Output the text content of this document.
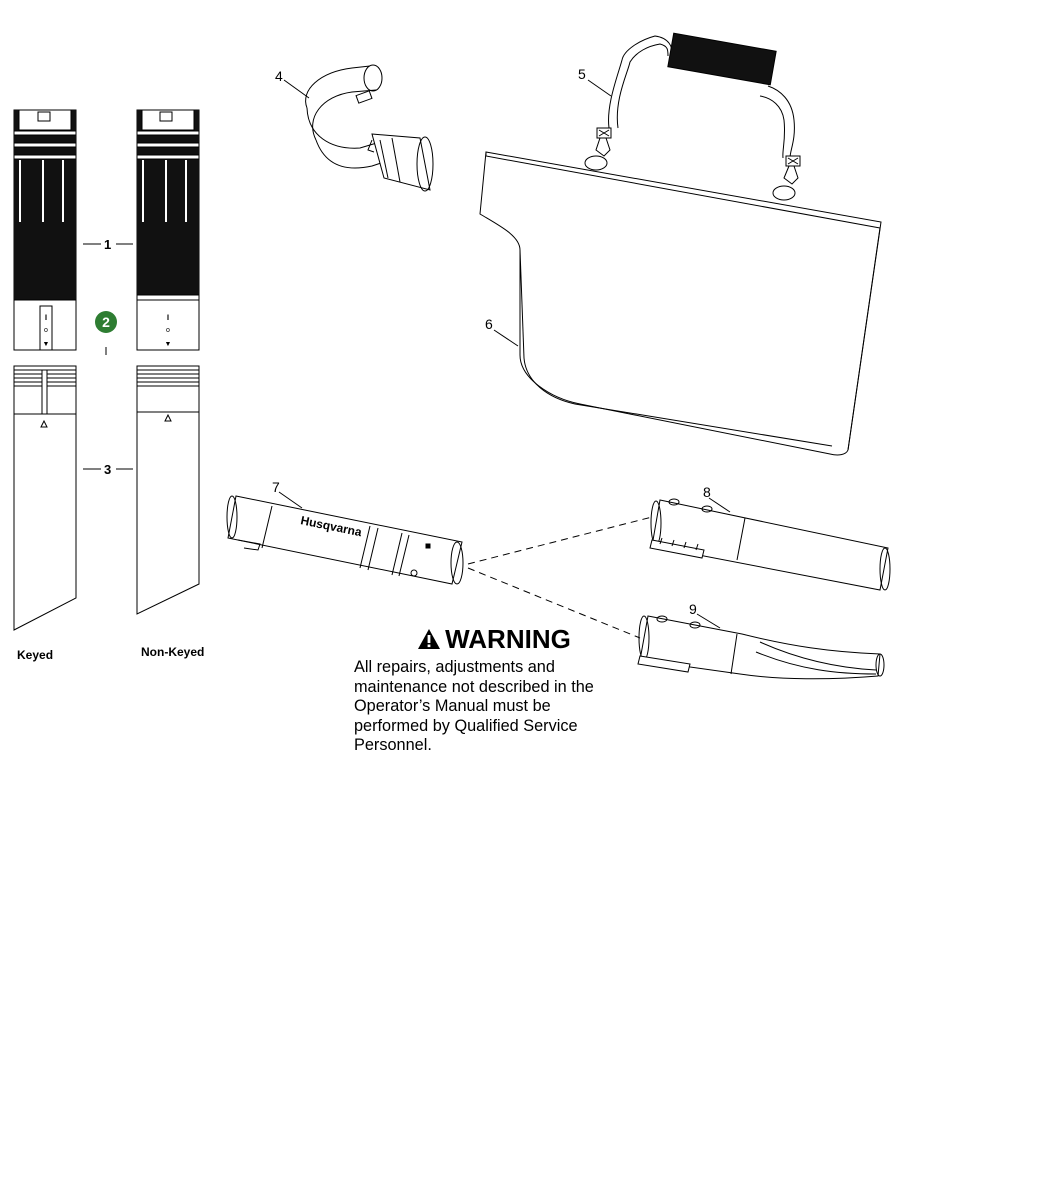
ǁ
o
▼
ǁ
o
▼
Husqvarna
2
1
3
4	5
6
7	8
9
Keyed	Non-Keyed	WARNING
All repairs, adjustments and maintenance not described in the Operator’s Manual must be performed by Qualified Service Personnel.
